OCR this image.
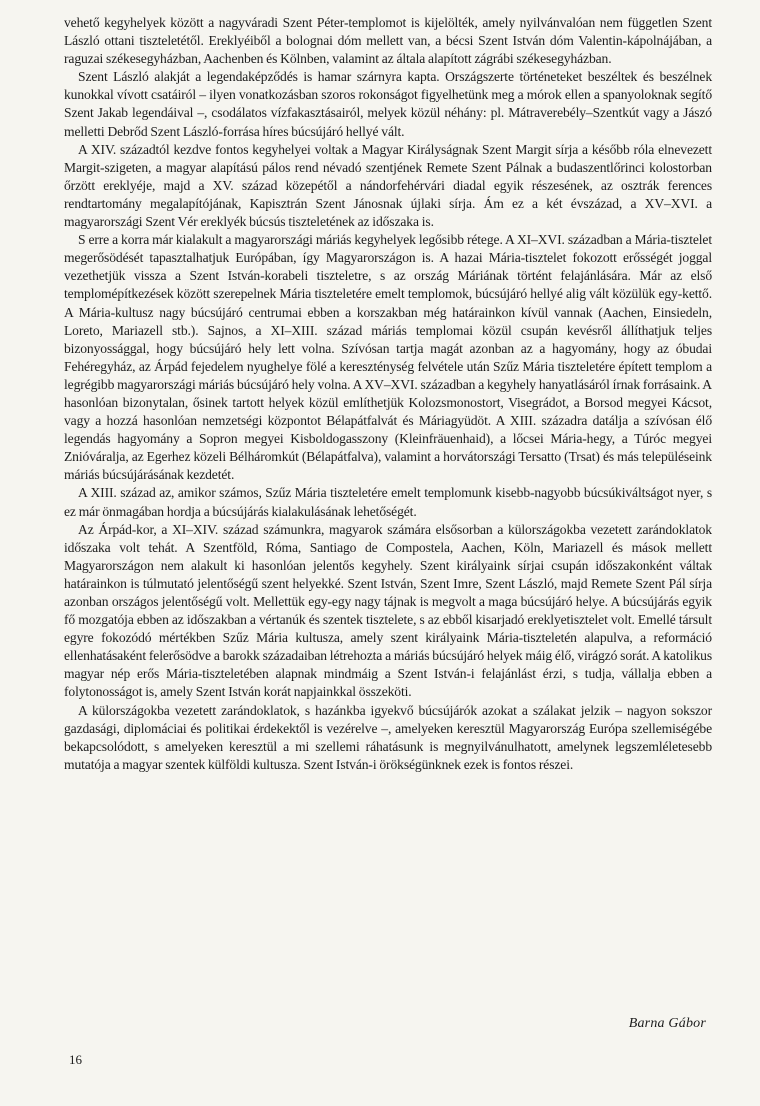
vehető kegyhelyek között a nagyváradi Szent Péter-templomot is kijelölték, amely nyilvánvalóan nem független Szent László ottani tiszteletétől. Ereklyéiből a bolognai dóm mellett van, a bécsi Szent István dóm Valentin-kápolnájában, a raguzai székesegyházban, Aachenben és Kölnben, valamint az általa alapított zágrábi székesegyházban.

Szent László alakját a legendaképződés is hamar szárnyra kapta. Országszerte történeteket beszéltek és beszélnek kunokkal vívott csatáiról – ilyen vonatkozásban szoros rokonságot figyelhetünk meg a mórok ellen a spanyoloknak segítő Szent Jakab legendáival –, csodálatos vízfakasztásairól, melyek közül néhány: pl. Mátraverebély–Szentkút vagy a Jászó melletti Debrőd Szent László-forrása híres búcsújáró hellyé vált.

A XIV. századtól kezdve fontos kegyhelyei voltak a Magyar Királyságnak Szent Margit sírja a később róla elnevezett Margit-szigeten, a magyar alapítású pálos rend névadó szentjének Remete Szent Pálnak a budaszentlőrinci kolostorban őrzött ereklyéje, majd a XV. század közepétől a nándorfehérvári diadal egyik részesének, az osztrák ferences rendtartomány megalapítójának, Kapisztrán Szent Jánosnak újlaki sírja. Ám ez a két évszázad, a XV–XVI. a magyarországi Szent Vér ereklyék búcsús tiszteletének az időszaka is.

S erre a korra már kialakult a magyarországi máriás kegyhelyek legősibb rétege. A XI–XVI. században a Mária-tisztelet megerősödését tapasztalhatjuk Európában, így Magyarországon is. A hazai Mária-tisztelet fokozott erősségét joggal vezethetjük vissza a Szent István-korabeli tiszteletre, s az ország Máriának történt felajánlására. Már az első templomépítkezések között szerepelnek Mária tiszteletére emelt templomok, búcsújáró hellyé alig vált közülük egy-kettő. A Mária-kultusz nagy búcsújáró centrumai ebben a korszakban még határainkon kívül vannak (Aachen, Einsiedeln, Loreto, Mariazell stb.). Sajnos, a XI–XIII. század máriás templomai közül csupán kevésről állíthatjuk teljes bizonyossággal, hogy búcsújáró hely lett volna. Szívósan tartja magát azonban az a hagyomány, hogy az óbudai Fehéregyház, az Árpád fejedelem nyughelye fölé a kereszténység felvétele után Szűz Mária tiszteletére épített templom a legrégibb magyarországi máriás búcsújáró hely volna. A XV–XVI. században a kegyhely hanyatlásáról írnak forrásaink. A hasonlóan bizonytalan, ősinek tartott helyek közül említhetjük Kolozsmonostort, Visegrádot, a Borsod megyei Kácsot, vagy a hozzá hasonlóan nemzetségi központot Bélapátfalvát és Máriagyüdöt. A XIII. századra datálja a szívósan élő legendás hagyomány a Sopron megyei Kisboldogasszony (Kleinfräuenhaid), a lőcsei Mária-hegy, a Túróc megyei Znióváralja, az Egerhez közeli Bélháromkút (Bélapátfalva), valamint a horvátországi Tersatto (Trsat) és más településeink máriás búcsújárásának kezdetét.

A XIII. század az, amikor számos, Szűz Mária tiszteletére emelt templomunk kisebb-nagyobb búcsúkiváltságot nyer, s ez már önmagában hordja a búcsújárás kialakulásának lehetőségét.

Az Árpád-kor, a XI–XIV. század számunkra, magyarok számára elsősorban a külországokba vezetett zarándoklatok időszaka volt tehát. A Szentföld, Róma, Santiago de Compostela, Aachen, Köln, Mariazell és mások mellett Magyarországon nem alakult ki hasonlóan jelentős kegyhely. Szent királyaink sírjai csupán időszakonként váltak határainkon is túlmutató jelentőségű szent helyekké. Szent István, Szent Imre, Szent László, majd Remete Szent Pál sírja azonban országos jelentőségű volt. Mellettük egy-egy nagy tájnak is megvolt a maga búcsújáró helye. A búcsújárás egyik fő mozgatója ebben az időszakban a vértanúk és szentek tisztelete, s az ebből kisarjadó ereklyetisztelet volt. Emellé társult egyre fokozódó mértékben Szűz Mária kultusza, amely szent királyaink Mária-tiszteletén alapulva, a reformáció ellenhatásaként felerősödve a barokk századaiban létrehozta a máriás búcsújáró helyek máig élő, virágzó sorát. A katolikus magyar nép erős Mária-tiszteletében alapnak mindmáig a Szent István-i felajánlást érzi, s tudja, vállalja ebben a folytonosságot is, amely Szent István korát napjainkkal összeköti.

A külországokba vezetett zarándoklatok, s hazánkba igyekvő búcsújárók azokat a szálakat jelzik – nagyon sokszor gazdasági, diplomáciai és politikai érdekektől is vezérelve –, amelyeken keresztül Magyarország Európa szellemiségébe bekapcsolódott, s amelyeken keresztül a mi szellemi ráhatásunk is megnyilvánulhatott, amelynek legszemléletesebb mutatója a magyar szentek külföldi kultusza. Szent István-i örökségünknek ezek is fontos részei.

Barna Gábor
16
